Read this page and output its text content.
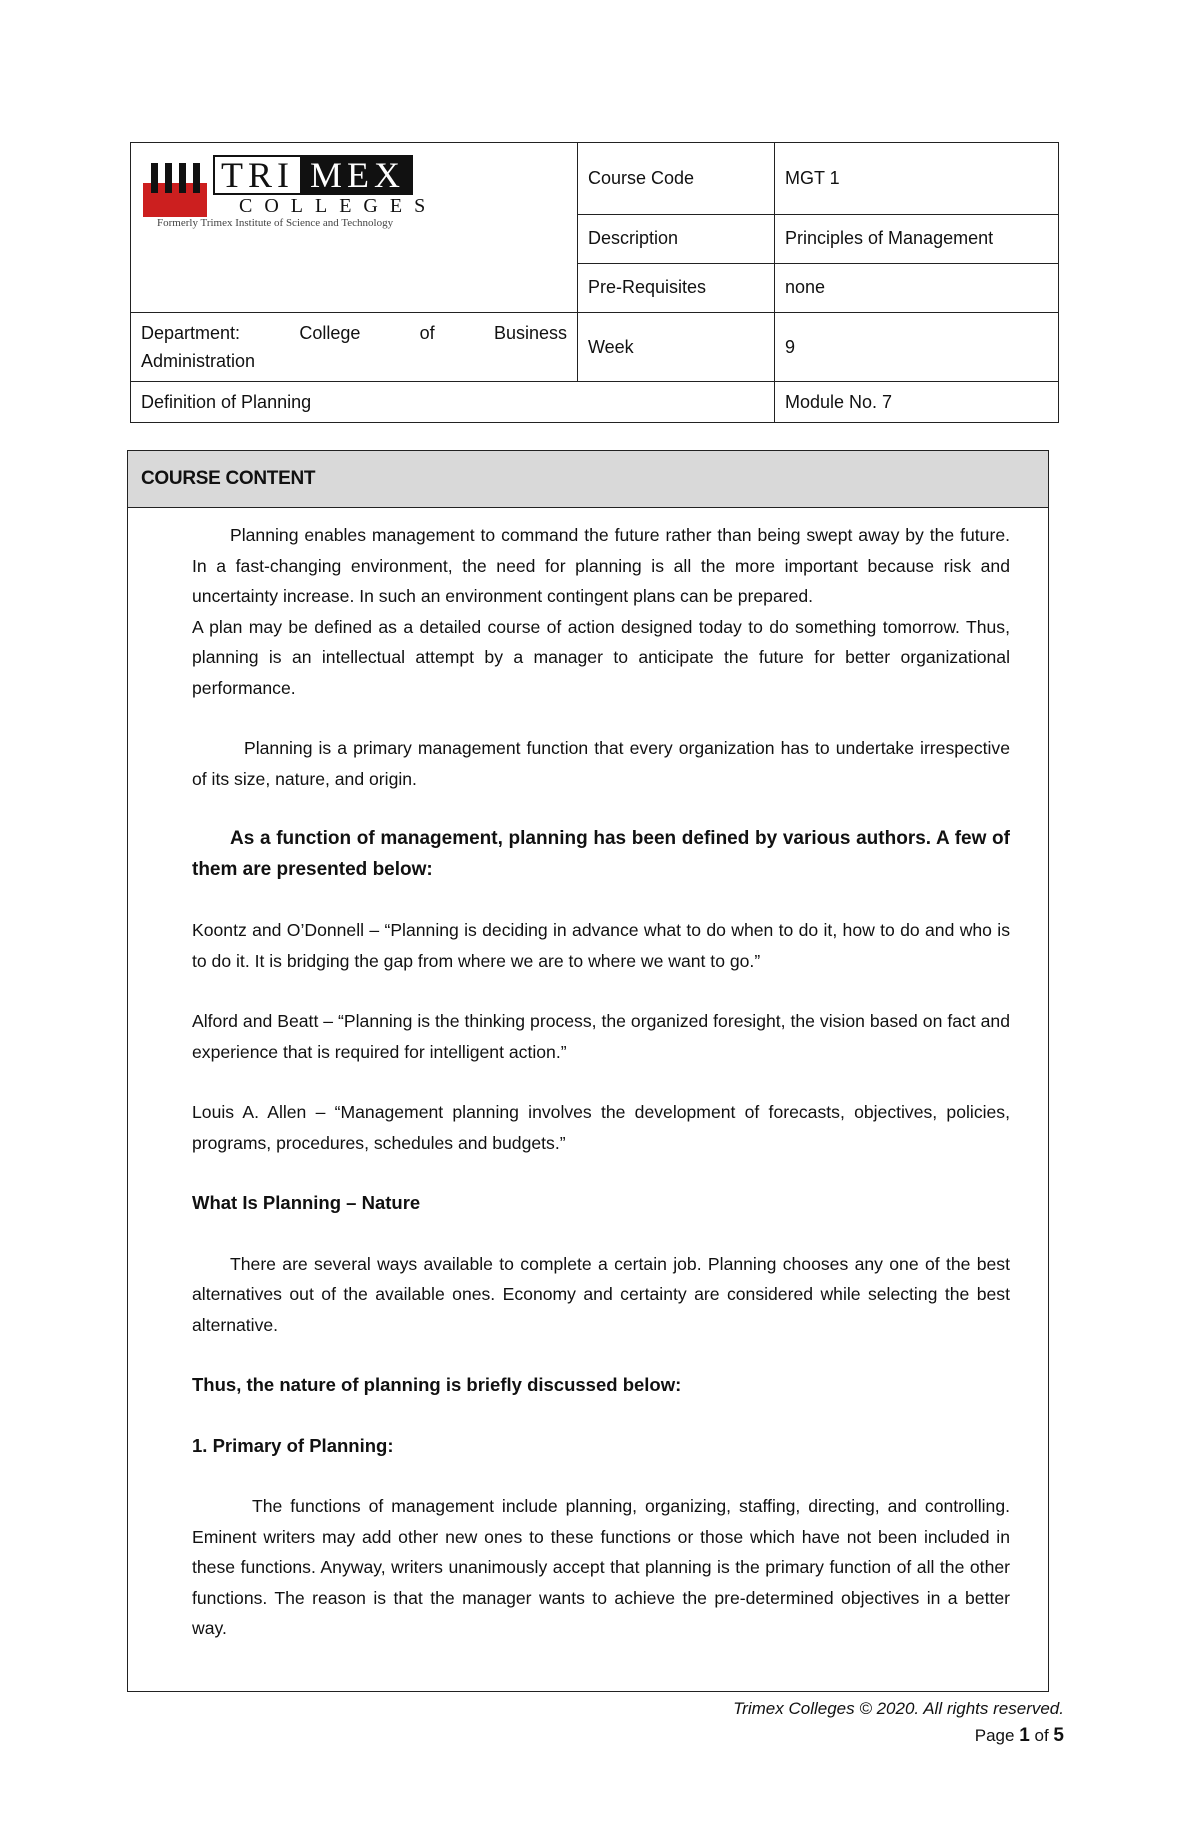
TRI MEX
COLLEGES
Formerly Trimex Institute of Science and Technology	Course Code	MGT 1
	Description	Principles of Management
	Pre-Requisites	none

Department: College of Business
Administration	Week	9
Definition of Planning		Module No. 7
COURSE CONTENT

Planning enables management to command the future rather than being swept away by the future. In a fast-changing environment, the need for planning is all the more important because risk and uncertainty increase. In such an environment contingent plans can be prepared.

A plan may be defined as a detailed course of action designed today to do something tomorrow. Thus, planning is an intellectual attempt by a manager to anticipate the future for better organizational performance.

Planning is a primary management function that every organization has to undertake irrespective of its size, nature, and origin.

As a function of management, planning has been defined by various authors. A few of them are presented below:

Koontz and O’Donnell – “Planning is deciding in advance what to do when to do it, how to do and who is to do it. It is bridging the gap from where we are to where we want to go.”

Alford and Beatt – “Planning is the thinking process, the organized foresight, the vision based on fact and experience that is required for intelligent action.”

Louis A. Allen – “Management planning involves the development of forecasts, objectives, policies, programs, procedures, schedules and budgets.”

What Is Planning – Nature

There are several ways available to complete a certain job. Planning chooses any one of the best alternatives out of the available ones. Economy and certainty are considered while selecting the best alternative.

Thus, the nature of planning is briefly discussed below:

1. Primary of Planning:

The functions of management include planning, organizing, staffing, directing, and controlling. Eminent writers may add other new ones to these functions or those which have not been included in these functions. Anyway, writers unanimously accept that planning is the primary function of all the other functions. The reason is that the manager wants to achieve the pre-determined objectives in a better way.

Trimex Colleges © 2020. All rights reserved.
Page 1 of 5
